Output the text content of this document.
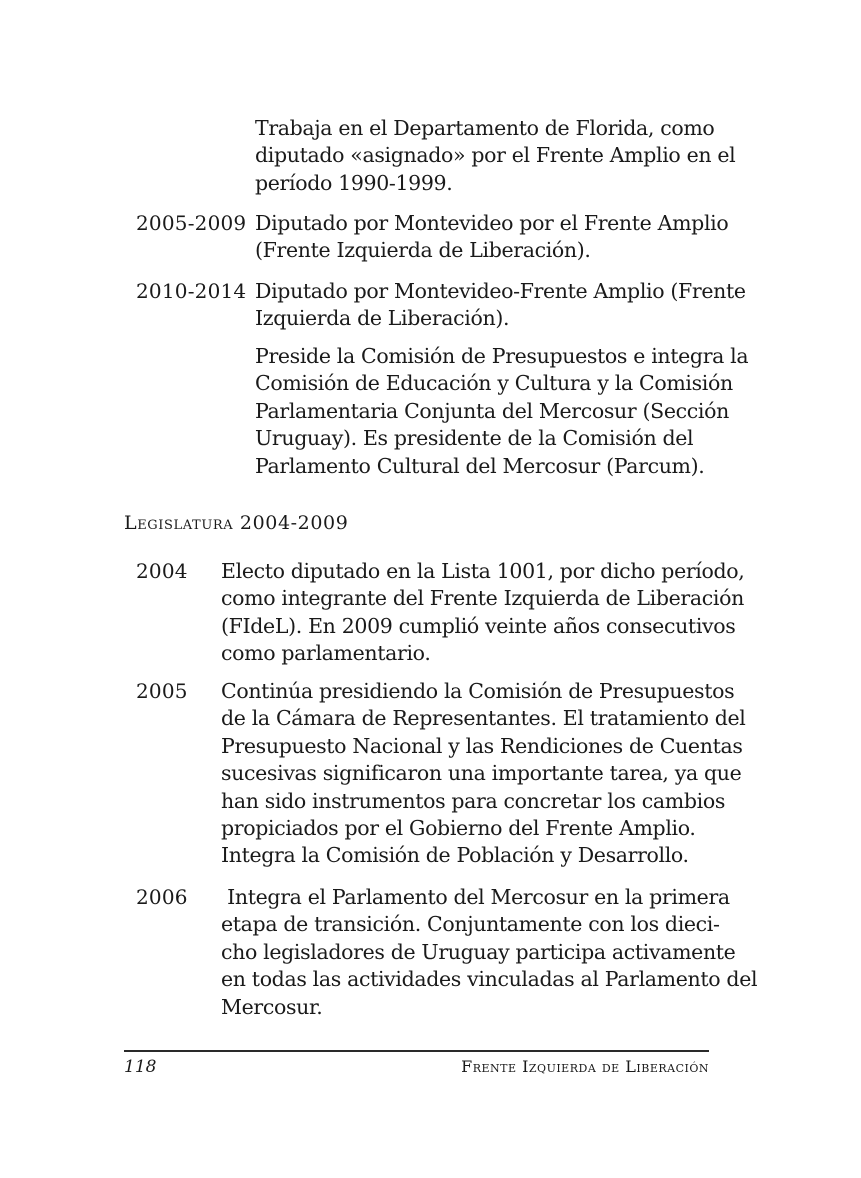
Trabaja en el Departamento de Florida, como
diputado «asignado» por el Frente Amplio en el
período 1990-1999.
2005-2009 Diputado por Montevideo por el Frente Amplio
(Frente Izquierda de Liberación).
2010-2014 Diputado por Montevideo-Frente Amplio (Frente
Izquierda de Liberación).
Preside la Comisión de Presupuestos e integra la
Comisión de Educación y Cultura y la Comisión
Parlamentaria Conjunta del Mercosur (Sección
Uruguay). Es presidente de la Comisión del
Parlamento Cultural del Mercosur (Parcum).
Legislatura 2004-2009
2004 Electo diputado en la Lista 1001, por dicho período,
como integrante del Frente Izquierda de Liberación
(FIdeL). En 2009 cumplió veinte años consecutivos
como parlamentario.
2005 Continúa presidiendo la Comisión de Presupuestos
de la Cámara de Representantes. El tratamiento del
Presupuesto Nacional y las Rendiciones de Cuentas
sucesivas significaron una importante tarea, ya que
han sido instrumentos para concretar los cambios
propiciados por el Gobierno del Frente Amplio.
Integra la Comisión de Población y Desarrollo.
2006 Integra el Parlamento del Mercosur en la primera
etapa de transición. Conjuntamente con los dieci-
cho legisladores de Uruguay participa activamente
en todas las actividades vinculadas al Parlamento del
Mercosur.
118	Frente Izquierda de Liberación
